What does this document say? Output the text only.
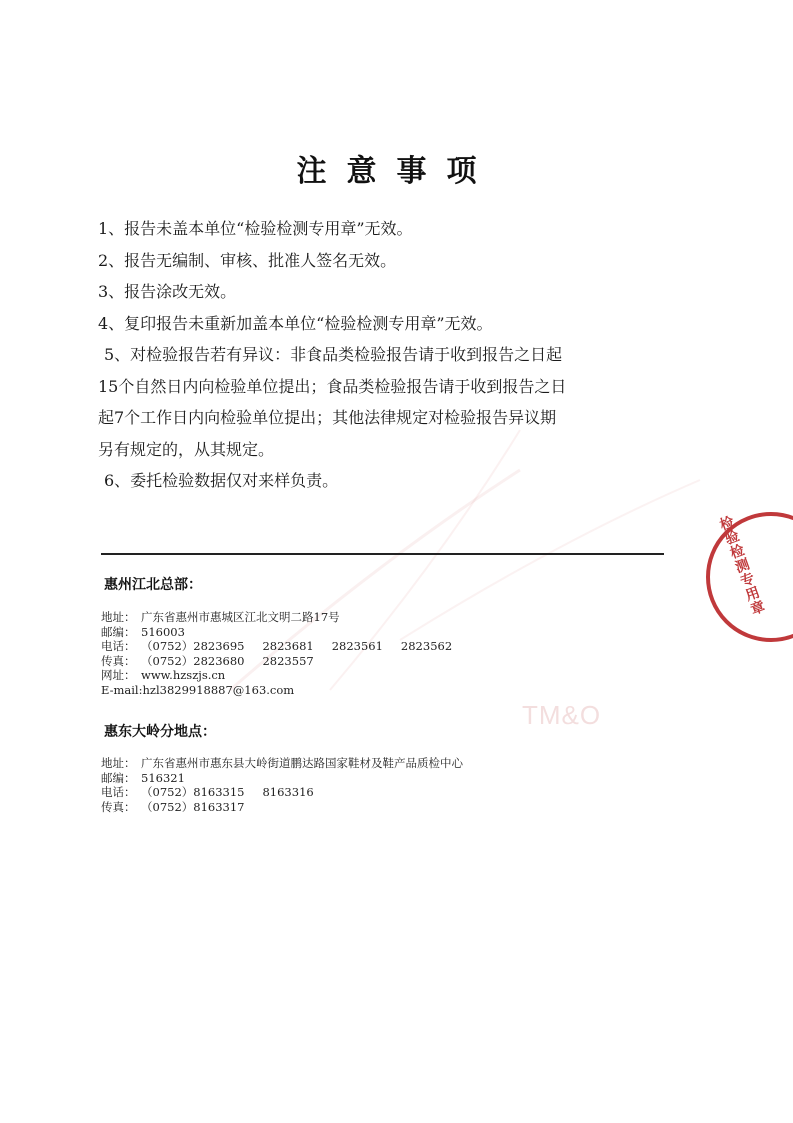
注意事项
1、报告未盖本单位“检验检测专用章”无效。
2、报告无编制、审核、批准人签名无效。
3、报告涂改无效。
4、复印报告未重新加盖本单位“检验检测专用章”无效。
5、对检验报告若有异议：非食品类检验报告请于收到报告之日起
15个自然日内向检验单位提出；食品类检验报告请于收到报告之日
起7个工作日内向检验单位提出；其他法律规定对检验报告异议期
另有规定的，从其规定。
6、委托检验数据仅对来样负责。
惠州江北总部：
地址： 广东省惠州市惠城区江北文明二路17号
邮编： 516003
电话： （0752）2823695 2823681 2823561 2823562
传真： （0752）2823680 2823557
网址： www.hzszjs.cn
E-mail:hzl3829918887@163.com
TM&O
惠东大岭分地点：
地址： 广东省惠州市惠东县大岭街道鹏达路国家鞋材及鞋产品质检中心
邮编： 516321
电话： （0752）8163315 8163316
传真： （0752）8163317
检验检测专用章
